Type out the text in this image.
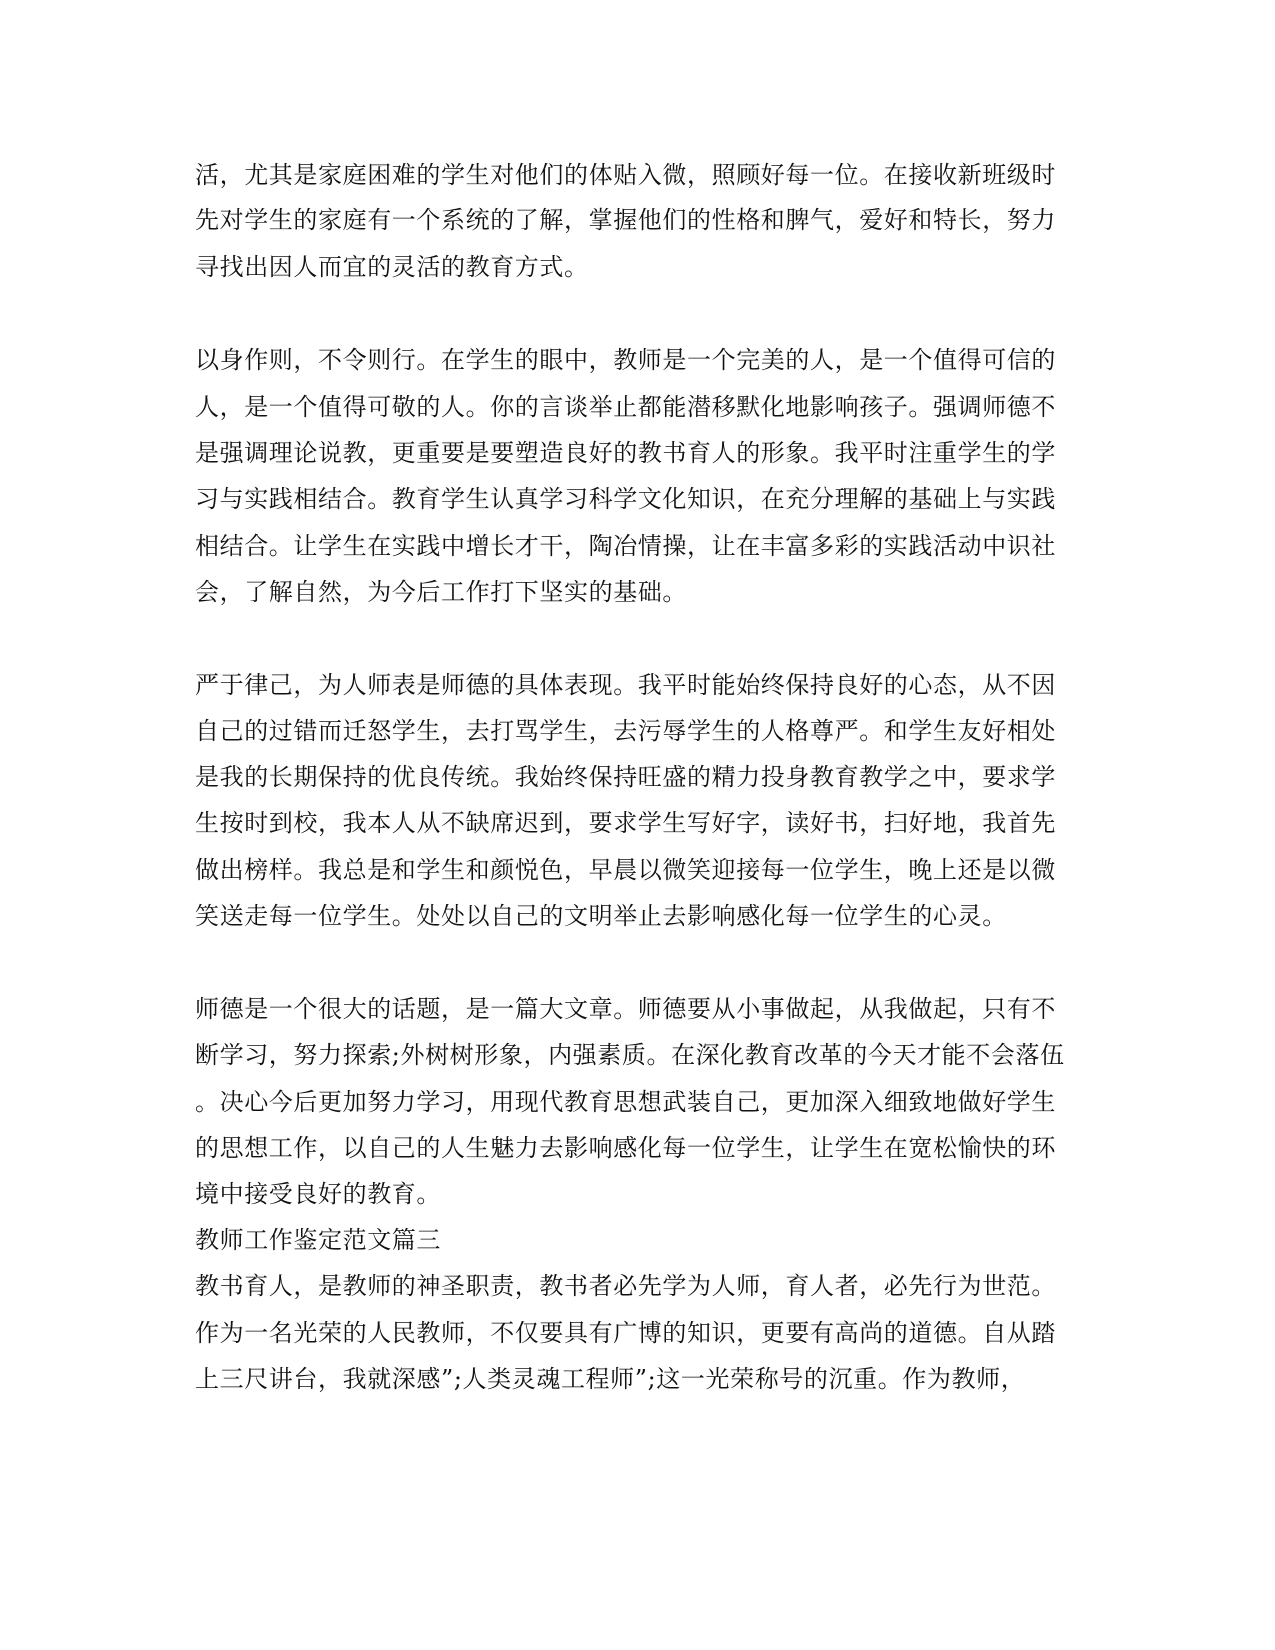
活，尤其是家庭困难的学生对他们的体贴入微，照顾好每一位。在接收新班级时
先对学生的家庭有一个系统的了解，掌握他们的性格和脾气，爱好和特长，努力
寻找出因人而宜的灵活的教育方式。
以身作则，不令则行。在学生的眼中，教师是一个完美的人，是一个值得可信的
人，是一个值得可敬的人。你的言谈举止都能潜移默化地影响孩子。强调师德不
是强调理论说教，更重要是要塑造良好的教书育人的形象。我平时注重学生的学
习与实践相结合。教育学生认真学习科学文化知识，在充分理解的基础上与实践
相结合。让学生在实践中增长才干，陶冶情操，让在丰富多彩的实践活动中识社
会，了解自然，为今后工作打下坚实的基础。
严于律己，为人师表是师德的具体表现。我平时能始终保持良好的心态，从不因
自己的过错而迁怒学生，去打骂学生，去污辱学生的人格尊严。和学生友好相处
是我的长期保持的优良传统。我始终保持旺盛的精力投身教育教学之中，要求学
生按时到校，我本人从不缺席迟到，要求学生写好字，读好书，扫好地，我首先
做出榜样。我总是和学生和颜悦色，早晨以微笑迎接每一位学生，晚上还是以微
笑送走每一位学生。处处以自己的文明举止去影响感化每一位学生的心灵。
师德是一个很大的话题，是一篇大文章。师德要从小事做起，从我做起，只有不
断学习，努力探索;外树树形象，内强素质。在深化教育改革的今天才能不会落伍
。决心今后更加努力学习，用现代教育思想武装自己，更加深入细致地做好学生
的思想工作，以自己的人生魅力去影响感化每一位学生，让学生在宽松愉快的环
境中接受良好的教育。
教师工作鉴定范文篇三
教书育人，是教师的神圣职责，教书者必先学为人师，育人者，必先行为世范。
作为一名光荣的人民教师，不仅要具有广博的知识，更要有高尚的道德。自从踏
上三尺讲台，我就深感”;人类灵魂工程师”;这一光荣称号的沉重。作为教师，
